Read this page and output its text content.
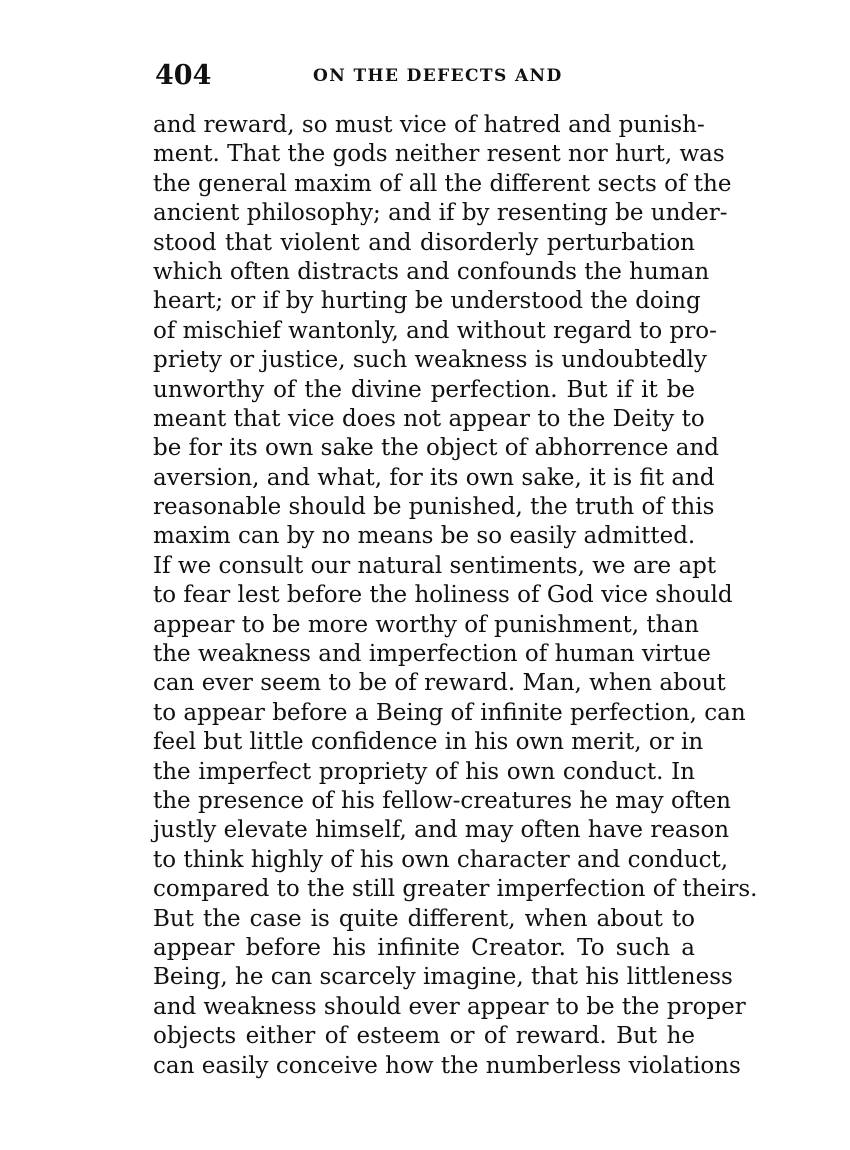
404	ON THE DEFECTS AND
and reward, so must vice of hatred and punish-
ment. That the gods neither resent nor hurt, was
the general maxim of all the different sects of the
ancient philosophy; and if by resenting be under-
stood that violent and disorderly perturbation
which often distracts and confounds the human
heart; or if by hurting be understood the doing
of mischief wantonly, and without regard to pro-
priety or justice, such weakness is undoubtedly
unworthy of the divine perfection. But if it be
meant that vice does not appear to the Deity to
be for its own sake the object of abhorrence and
aversion, and what, for its own sake, it is fit and
reasonable should be punished, the truth of this
maxim can by no means be so easily admitted.
If we consult our natural sentiments, we are apt
to fear lest before the holiness of God vice should
appear to be more worthy of punishment, than
the weakness and imperfection of human virtue
can ever seem to be of reward. Man, when about
to appear before a Being of infinite perfection, can
feel but little confidence in his own merit, or in
the imperfect propriety of his own conduct. In
the presence of his fellow-creatures he may often
justly elevate himself, and may often have reason
to think highly of his own character and conduct,
compared to the still greater imperfection of theirs.
But the case is quite different, when about to
appear before his infinite Creator. To such a
Being, he can scarcely imagine, that his littleness
and weakness should ever appear to be the proper
objects either of esteem or of reward. But he
can easily conceive how the numberless violations
